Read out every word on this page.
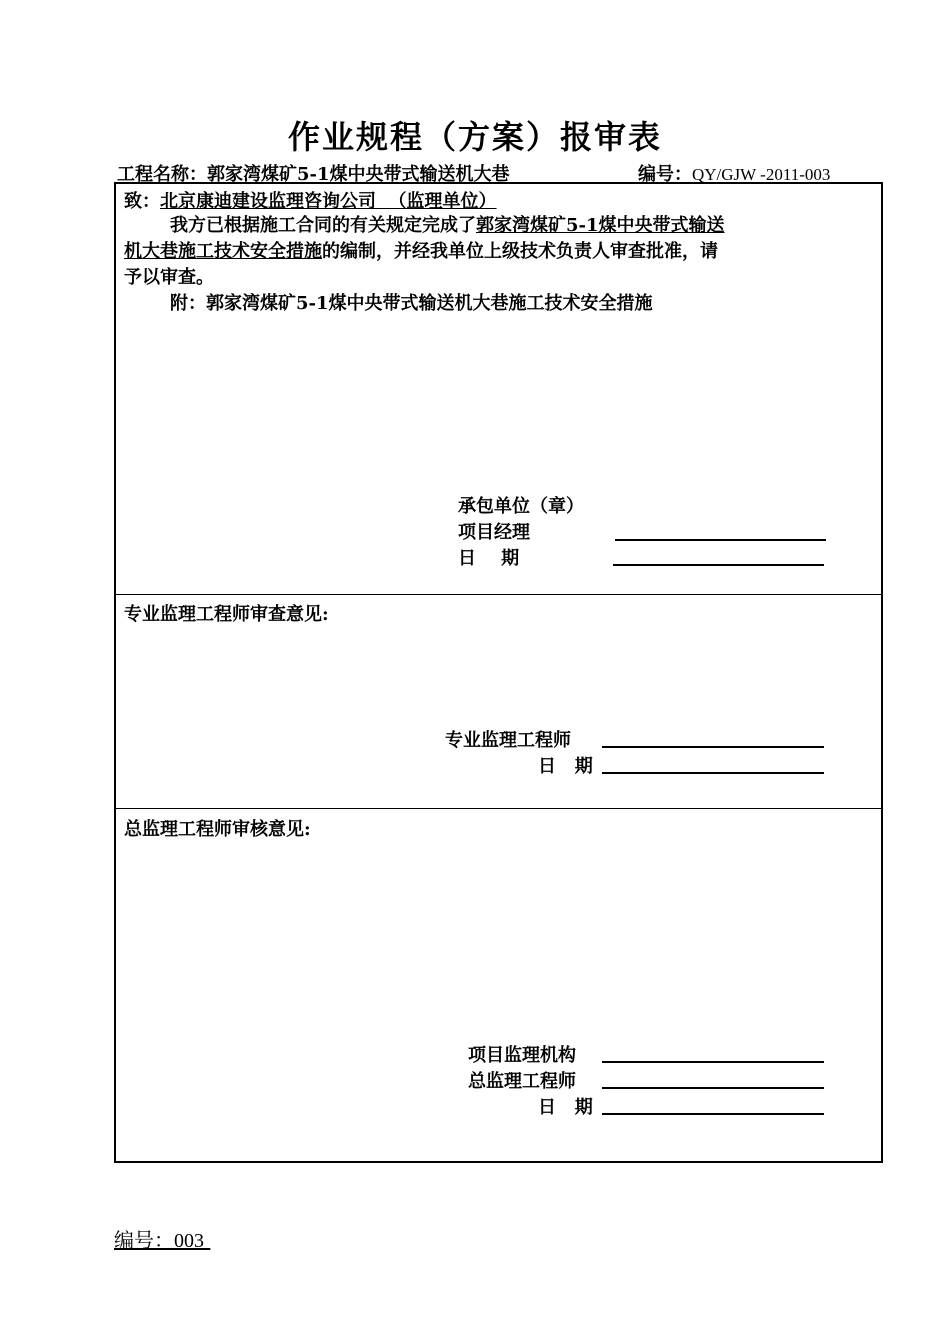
作业规程（方案）报审表
工程名称：郭家湾煤矿5-1煤中央带式输送机大巷	编号：QY/GJW -2011-003
致：北京康迪建设监理咨询公司  （监理单位）
我方已根据施工合同的有关规定完成了郭家湾煤矿5-1煤中央带式输送
机大巷施工技术安全措施的编制，并经我单位上级技术负责人审查批准，请
予以审查。
附：郭家湾煤矿5-1煤中央带式输送机大巷施工技术安全措施
承包单位（章）
项目经理
日    期
专业监理工程师审查意见:
专业监理工程师
日   期
总监理工程师审核意见:
项目监理机构
总监理工程师
日   期
编号：003
